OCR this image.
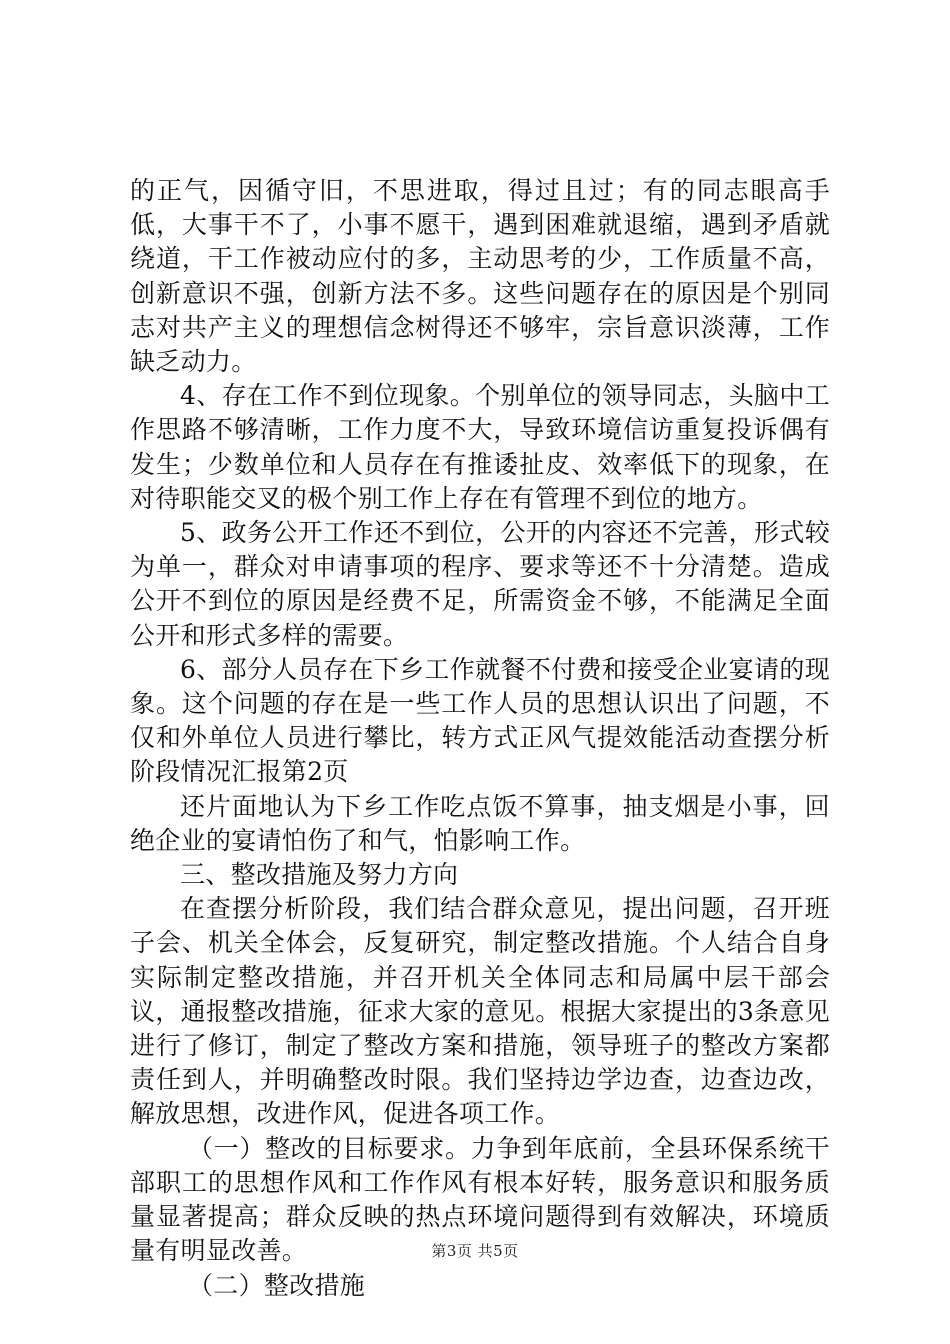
的正气，因循守旧，不思进取，得过且过；有的同志眼高手低，大事干不了，小事不愿干，遇到困难就退缩，遇到矛盾就绕道，干工作被动应付的多，主动思考的少，工作质量不高，创新意识不强，创新方法不多。这些问题存在的原因是个别同志对共产主义的理想信念树得还不够牢，宗旨意识淡薄，工作缺乏动力。

4、存在工作不到位现象。个别单位的领导同志，头脑中工作思路不够清晰，工作力度不大，导致环境信访重复投诉偶有发生；少数单位和人员存在有推诿扯皮、效率低下的现象，在对待职能交叉的极个别工作上存在有管理不到位的地方。

5、政务公开工作还不到位，公开的内容还不完善，形式较为单一，群众对申请事项的程序、要求等还不十分清楚。造成公开不到位的原因是经费不足，所需资金不够，不能满足全面公开和形式多样的需要。

6、部分人员存在下乡工作就餐不付费和接受企业宴请的现象。这个问题的存在是一些工作人员的思想认识出了问题，不仅和外单位人员进行攀比，转方式正风气提效能活动查摆分析阶段情况汇报第2页

还片面地认为下乡工作吃点饭不算事，抽支烟是小事，回绝企业的宴请怕伤了和气，怕影响工作。

三、整改措施及努力方向

在查摆分析阶段，我们结合群众意见，提出问题，召开班子会、机关全体会，反复研究，制定整改措施。个人结合自身实际制定整改措施，并召开机关全体同志和局属中层干部会议，通报整改措施，征求大家的意见。根据大家提出的3条意见进行了修订，制定了整改方案和措施，领导班子的整改方案都责任到人，并明确整改时限。我们坚持边学边查，边查边改，解放思想，改进作风，促进各项工作。

（一）整改的目标要求。力争到年底前，全县环保系统干部职工的思想作风和工作作风有根本好转，服务意识和服务质量显著提高；群众反映的热点环境问题得到有效解决，环境质量有明显改善。

（二）整改措施

第3页 共5页
